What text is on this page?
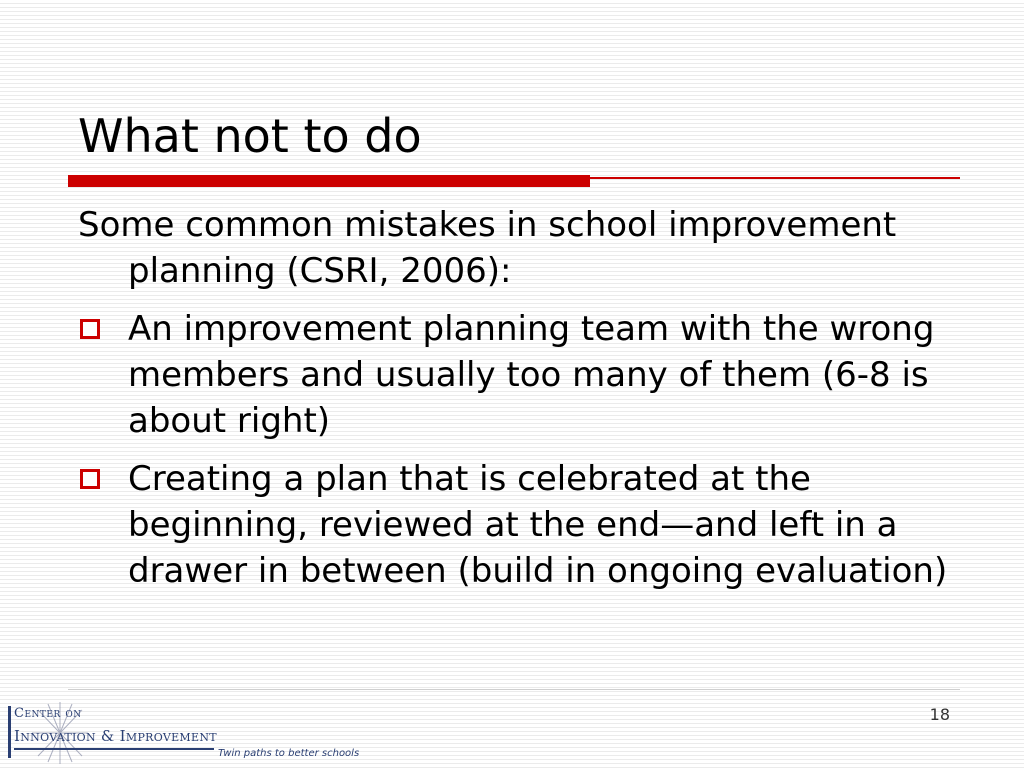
What not to do

Some common mistakes in school improvement planning (CSRI, 2006):

An improvement planning team with the wrong members and usually too many of them (6-8 is about right)
Creating a plan that is celebrated at the beginning, reviewed at the end—and left in a drawer in between (build in ongoing evaluation)
18
Center on
Innovation & Improvement
Twin paths to better schools
